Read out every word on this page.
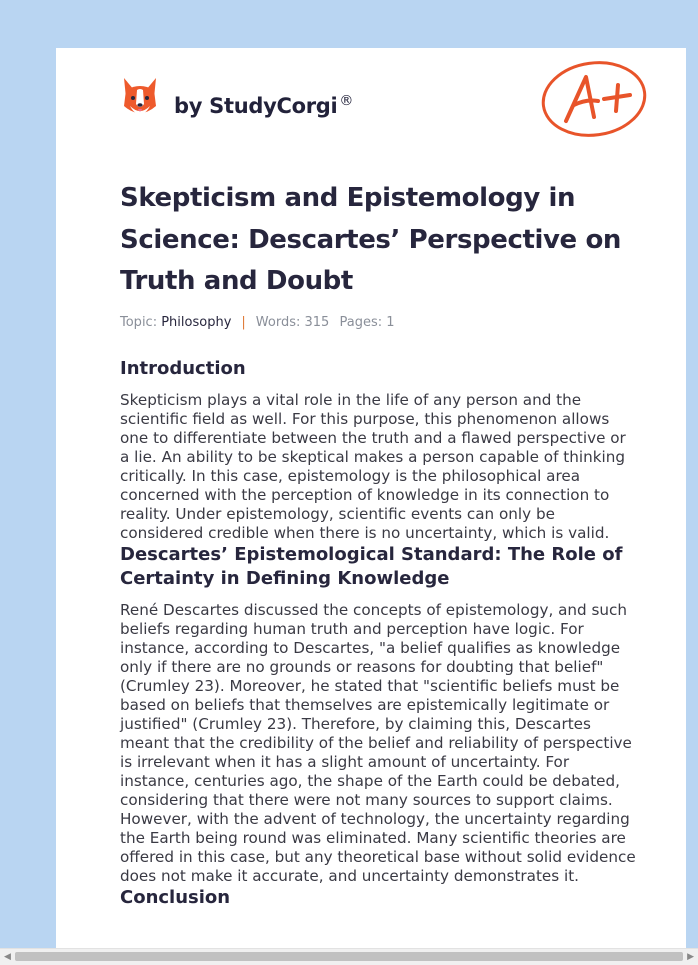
by StudyCorgi ®
Skepticism and Epistemology in Science: Descartes’ Perspective on Truth and Doubt
Topic: Philosophy | Words: 315 Pages: 1
Introduction

Skepticism plays a vital role in the life of any person and the scientific field as well. For this purpose, this phenomenon allows one to differentiate between the truth and a flawed perspective or a lie. An ability to be skeptical makes a person capable of thinking critically. In this case, epistemology is the philosophical area concerned with the perception of knowledge in its connection to reality. Under epistemology, scientific events can only be considered credible when there is no uncertainty, which is valid.

Descartes’ Epistemological Standard: The Role of Certainty in Defining Knowledge

René Descartes discussed the concepts of epistemology, and such beliefs regarding human truth and perception have logic. For instance, according to Descartes, "a belief qualifies as knowledge only if there are no grounds or reasons for doubting that belief" (Crumley 23). Moreover, he stated that "scientific beliefs must be based on beliefs that themselves are epistemically legitimate or justified" (Crumley 23). Therefore, by claiming this, Descartes meant that the credibility of the belief and reliability of perspective is irrelevant when it has a slight amount of uncertainty. For instance, centuries ago, the shape of the Earth could be debated, considering that there were not many sources to support claims. However, with the advent of technology, the uncertainty regarding the Earth being round was eliminated. Many scientific theories are offered in this case, but any theoretical base without solid evidence does not make it accurate, and uncertainty demonstrates it.

Conclusion
◀	▶
